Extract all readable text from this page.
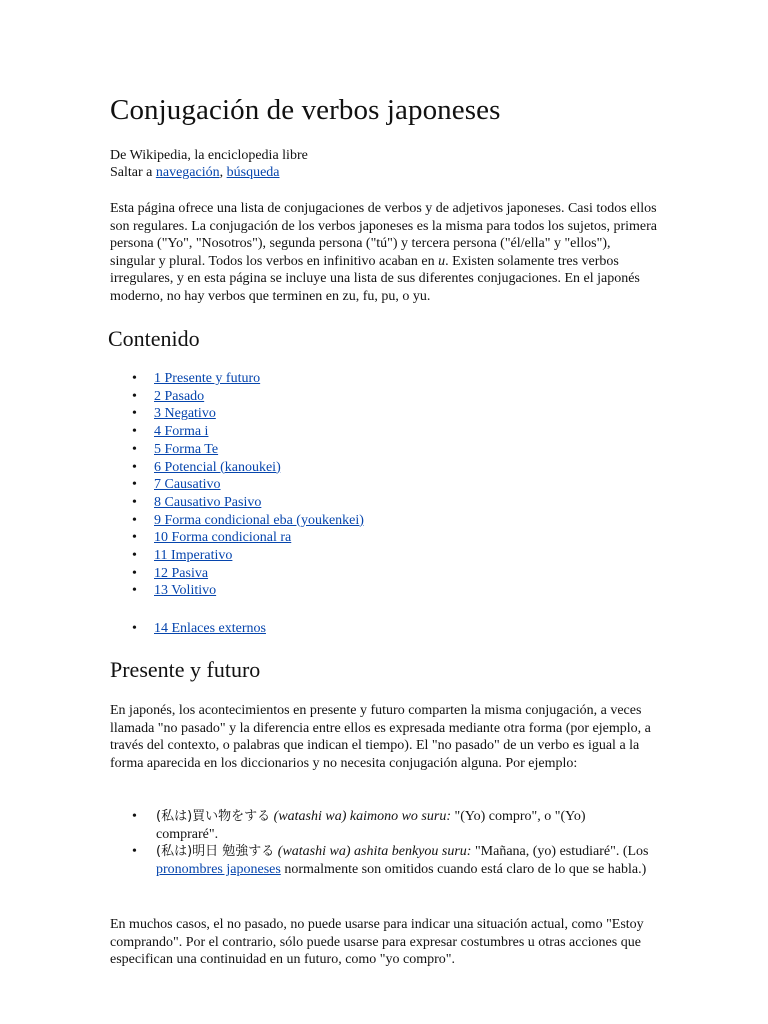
Conjugación de verbos japoneses

De Wikipedia, la enciclopedia libre

Saltar a navegación, búsqueda

Esta página ofrece una lista de conjugaciones de verbos y de adjetivos japoneses. Casi todos ellos son regulares. La conjugación de los verbos japoneses es la misma para todos los sujetos, primera persona ("Yo", "Nosotros"), segunda persona ("tú") y tercera persona ("él/ella" y "ellos"), singular y plural. Todos los verbos en infinitivo acaban en u. Existen solamente tres verbos irregulares, y en esta página se incluye una lista de sus diferentes conjugaciones. En el japonés moderno, no hay verbos que terminen en zu, fu, pu, o yu.

Contenido
• 1 Presente y futuro
• 2 Pasado
• 3 Negativo
• 4 Forma i
• 5 Forma Te
• 6 Potencial (kanoukei)
• 7 Causativo
• 8 Causativo Pasivo
• 9 Forma condicional eba (youkenkei)
• 10 Forma condicional ra
• 11 Imperativo
• 12 Pasiva
• 13 Volitivo
• 14 Enlaces externos
Presente y futuro

En japonés, los acontecimientos en presente y futuro comparten la misma conjugación, a veces llamada "no pasado" y la diferencia entre ellos es expresada mediante otra forma (por ejemplo, a través del contexto, o palabras que indican el tiempo). El "no pasado" de un verbo es igual a la forma aparecida en los diccionarios y no necesita conjugación alguna. Por ejemplo:

• (私は)買い物をする (watashi wa) kaimono wo suru: "(Yo) compro", o "(Yo) compraré".
• (私は)明日 勉強する (watashi wa) ashita benkyou suru: "Mañana, (yo) estudiaré". (Los pronombres japoneses normalmente son omitidos cuando está claro de lo que se habla.)

En muchos casos, el no pasado, no puede usarse para indicar una situación actual, como "Estoy comprando". Por el contrario, sólo puede usarse para expresar costumbres u otras acciones que especifican una continuidad en un futuro, como "yo compro".
